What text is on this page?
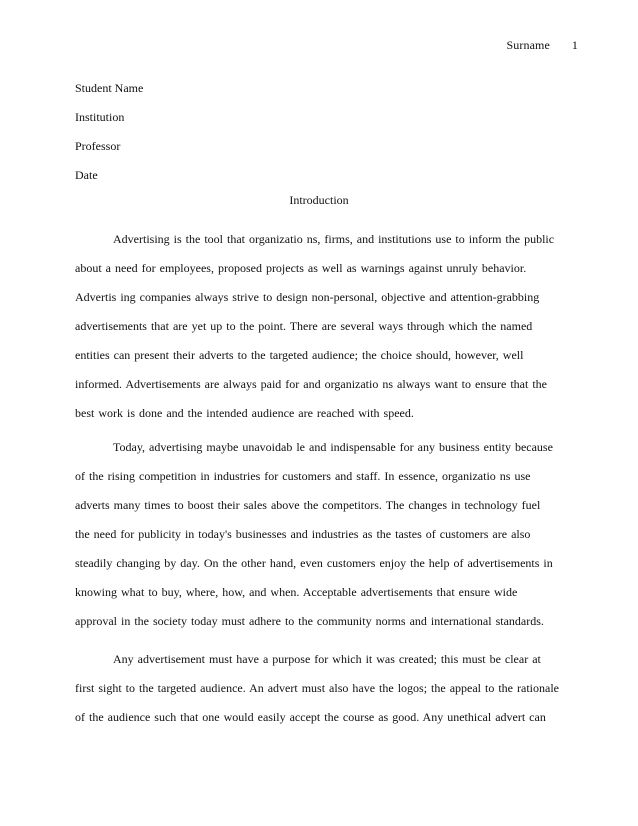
Surname 1
Student Name
Institution
Professor
Date
Introduction
Advertising is the tool that organizatio ns, firms, and institutions use to inform the public
about a need for employees, proposed projects as well as warnings against unruly behavior.
Advertis ing companies always strive to design non-personal, objective and attention-grabbing
advertisements that are yet up to the point. There are several ways through which the named
entities can present their adverts to the targeted audience; the choice should, however, well
informed. Advertisements are always paid for and organizatio ns always want to ensure that the
best work is done and the intended audience are reached with speed.
Today, advertising maybe unavoidab le and indispensable for any business entity because
of the rising competition in industries for customers and staff. In essence, organizatio ns use
adverts many times to boost their sales above the competitors. The changes in technology fuel
the need for publicity in today's businesses and industries as the tastes of customers are also
steadily changing by day. On the other hand, even customers enjoy the help of advertisements in
knowing what to buy, where, how, and when. Acceptable advertisements that ensure wide
approval in the society today must adhere to the community norms and international standards.
Any advertisement must have a purpose for which it was created; this must be clear at
first sight to the targeted audience. An advert must also have the logos; the appeal to the rationale
of the audience such that one would easily accept the course as good. Any unethical advert can
